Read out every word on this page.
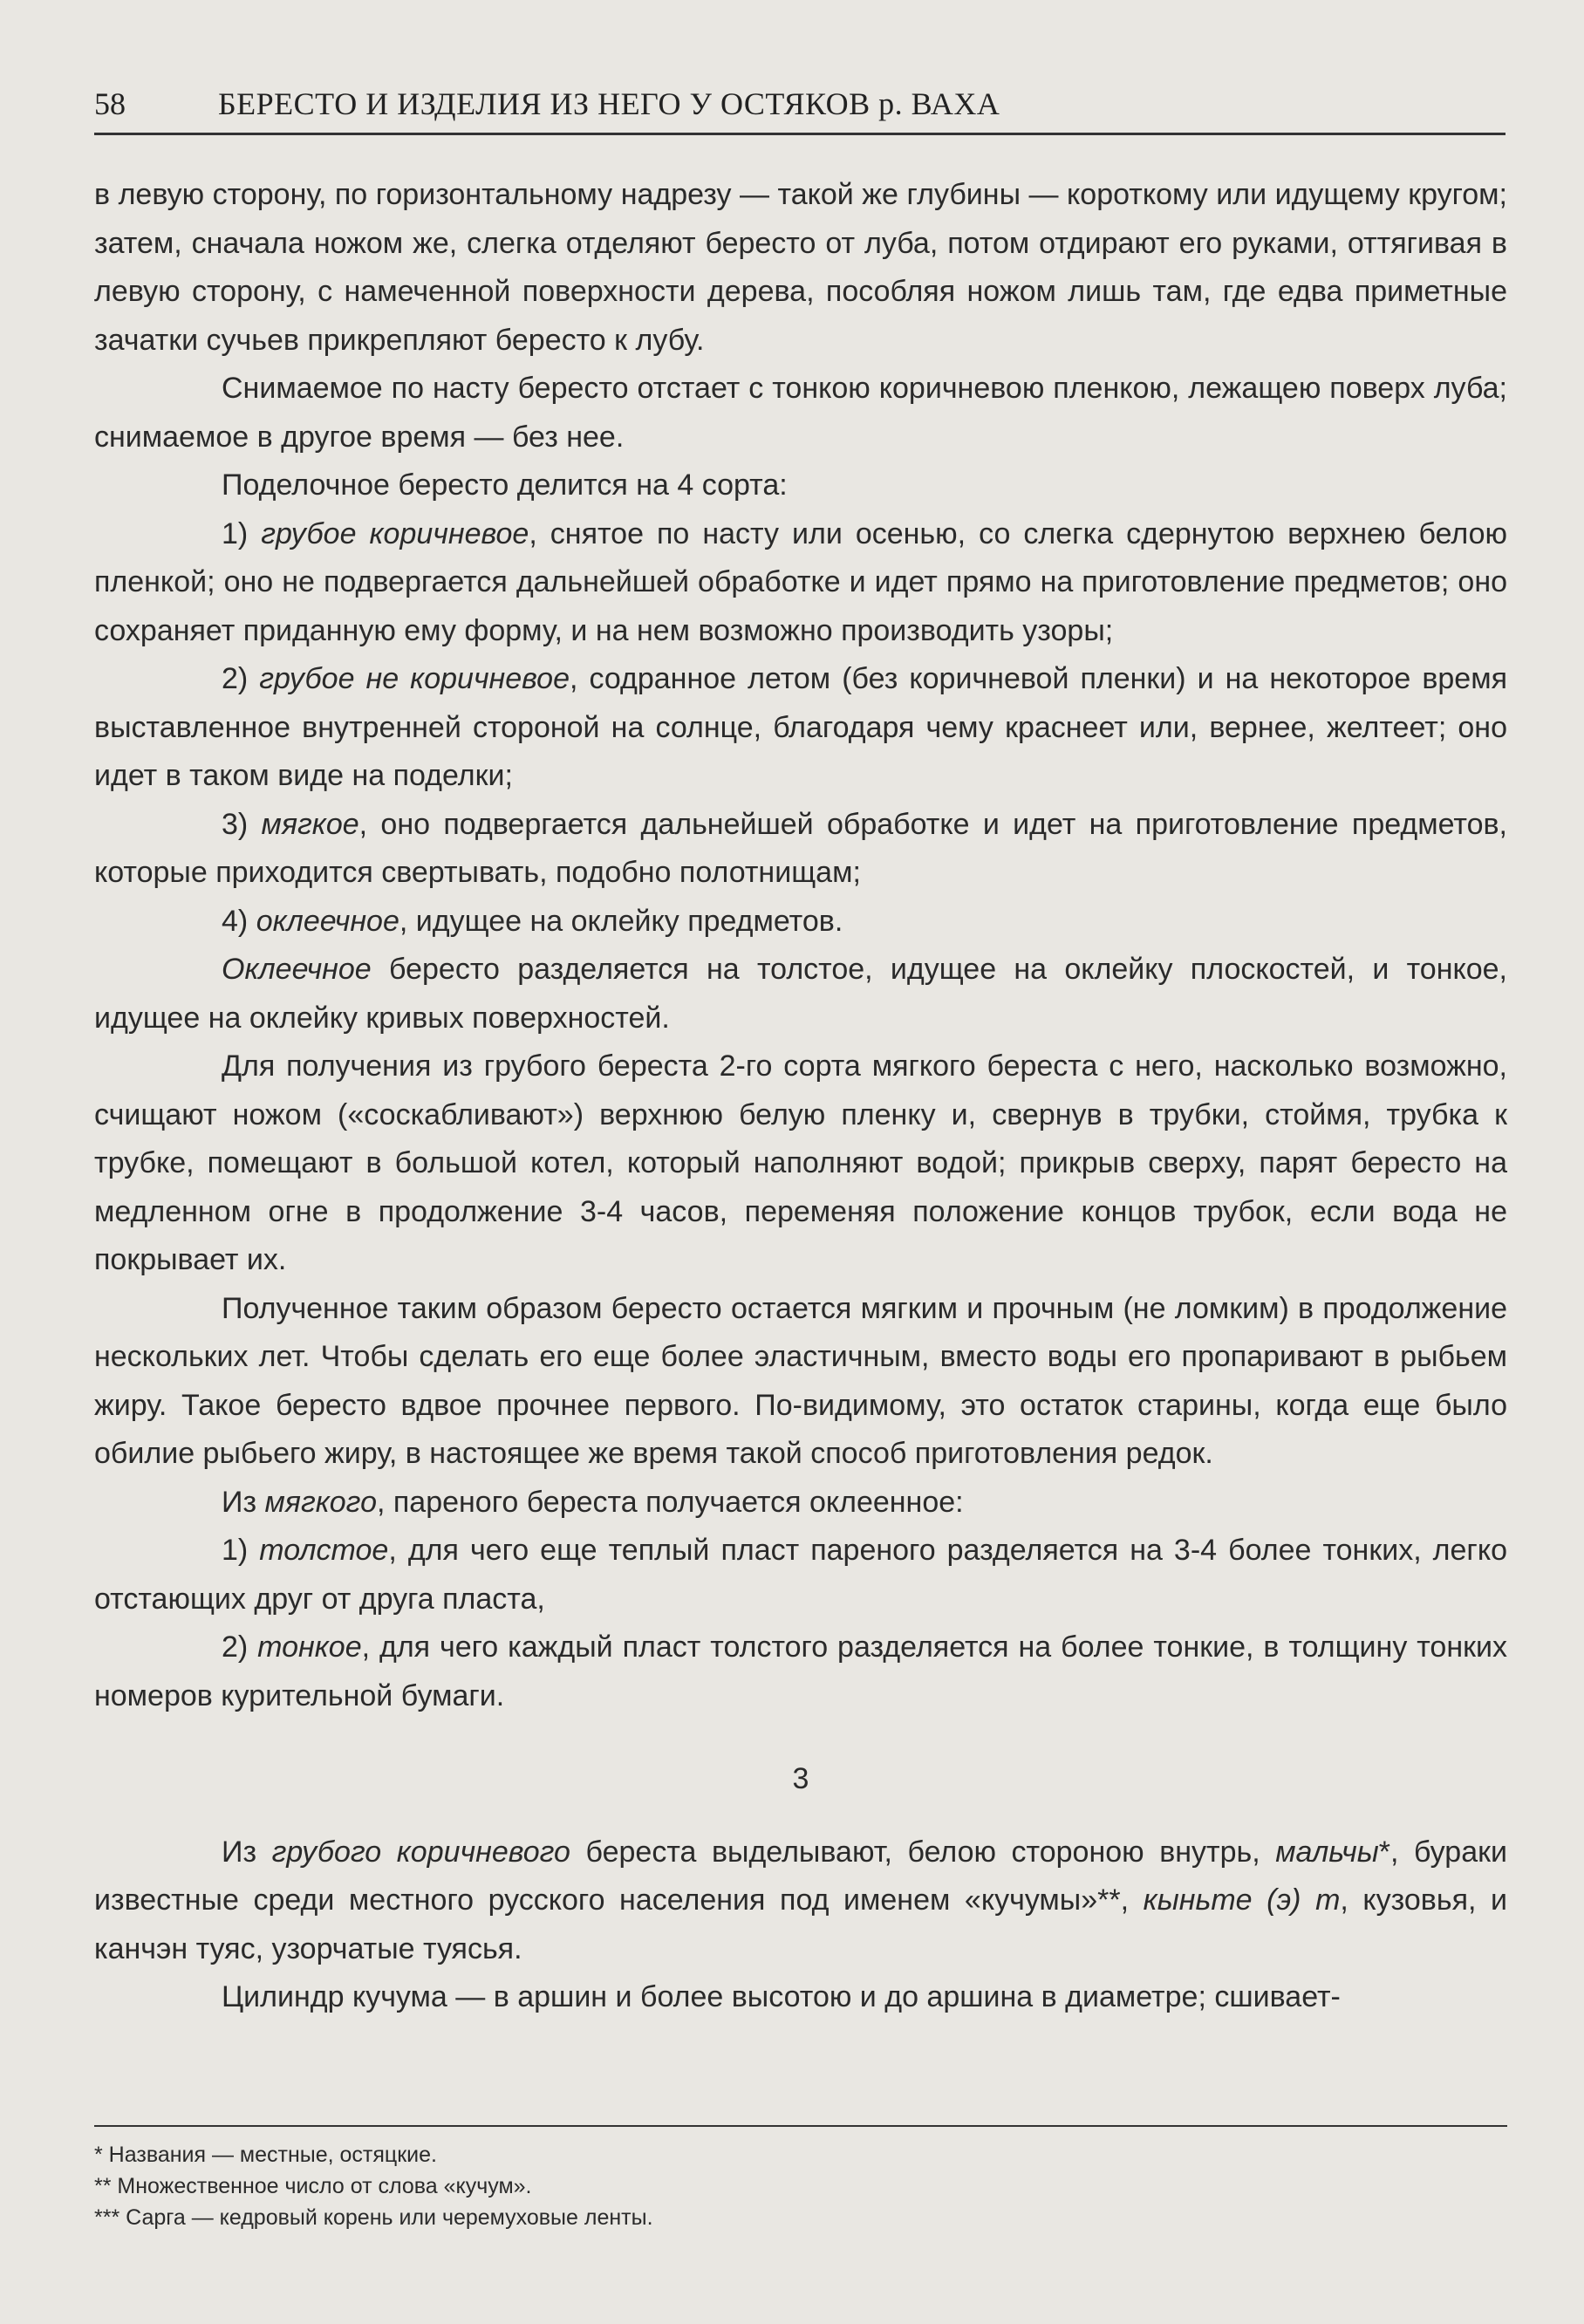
58	БЕРЕСТО И ИЗДЕЛИЯ ИЗ НЕГО У ОСТЯКОВ р. ВАХА

в левую сторону, по горизонтальному надрезу — такой же глубины — короткому или идущему кругом; затем, сначала ножом же, слегка отделяют бересто от луба, потом отдирают его руками, оттягивая в левую сторону, с намеченной поверхности дерева, пособляя ножом лишь там, где едва приметные зачатки сучьев прикрепляют бересто к лубу.

Снимаемое по насту бересто отстает с тонкою коричневою пленкою, лежащею поверх луба; снимаемое в другое время — без нее.

Поделочное бересто делится на 4 сорта:

1) грубое коричневое, снятое по насту или осенью, со слегка сдернутою верхнею белою пленкой; оно не подвергается дальнейшей обработке и идет прямо на приготовление предметов; оно сохраняет приданную ему форму, и на нем возможно производить узоры;

2) грубое не коричневое, содранное летом (без коричневой пленки) и на некоторое время выставленное внутренней стороной на солнце, благодаря чему краснеет или, вернее, желтеет; оно идет в таком виде на поделки;

3) мягкое, оно подвергается дальнейшей обработке и идет на приготовление предметов, которые приходится свертывать, подобно полотнищам;

4) оклеечное, идущее на оклейку предметов.

Оклеечное бересто разделяется на толстое, идущее на оклейку плоскостей, и тонкое, идущее на оклейку кривых поверхностей.

Для получения из грубого береста 2-го сорта мягкого береста с него, насколько возможно, счищают ножом («соскабливают») верхнюю белую пленку и, свернув в трубки, стоймя, трубка к трубке, помещают в большой котел, который наполняют водой; прикрыв сверху, парят бересто на медленном огне в продолжение 3-4 часов, переменяя положение концов трубок, если вода не покрывает их.

Полученное таким образом бересто остается мягким и прочным (не ломким) в продолжение нескольких лет. Чтобы сделать его еще более эластичным, вместо воды его пропаривают в рыбьем жиру. Такое бересто вдвое прочнее первого. По-видимому, это остаток старины, когда еще было обилие рыбьего жиру, в настоящее же время такой способ приготовления редок.

Из мягкого, пареного береста получается оклеенное:

1) толстое, для чего еще теплый пласт пареного разделяется на 3-4 более тонких, легко отстающих друг от друга пласта,

2) тонкое, для чего каждый пласт толстого разделяется на более тонкие, в толщину тонких номеров курительной бумаги.

3

Из грубого коричневого береста выделывают, белою стороною внутрь, мальчы*, бураки известные среди местного русского населения под именем «кучумы»**, кыньте (э) т, кузовья, и канчэн туяс, узорчатые туясья.

Цилиндр кучума — в аршин и более высотою и до аршина в диаметре; сшивает-

* Названия — местные, остяцкие.
** Множественное число от слова «кучум».
*** Сарга — кедровый корень или черемуховые ленты.
